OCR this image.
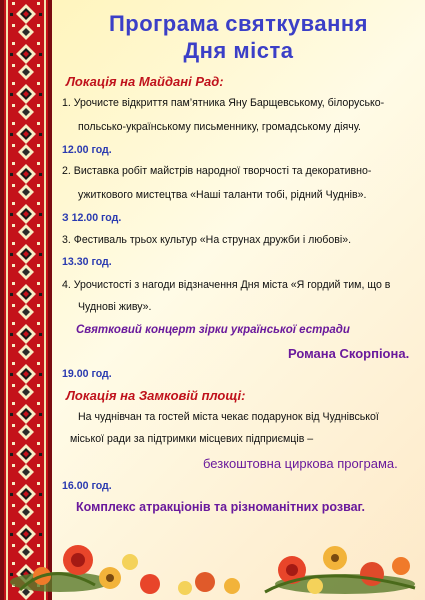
Програма святкування
Дня міста
Локація на Майдані Рад:
1. Урочисте відкриття пам’ятника Яну Барщевському, білорусько-
польсько-українському письменнику, громадському діячу.
12.00 год.
2. Виставка робіт майстрів народної творчості та декоративно-
ужиткового мистецтва «Наші таланти тобі, рідний Чуднів».
З 12.00 год.
3. Фестиваль трьох культур «На струнах дружби і любові».
13.30 год.
4. Урочистості з нагоди відзначення Дня міста «Я гордий тим, що в
Чуднові живу».
Святковий концерт зірки української естради
Романа Скорпіона.
19.00 год.
Локація на Замковій площі:
На чуднівчан та гостей міста чекає подарунок від Чуднівської
міської ради за підтримки місцевих підприємців –
безкоштовна циркова програма.
16.00 год.
Комплекс атракціонів та різноманітних розваг.
